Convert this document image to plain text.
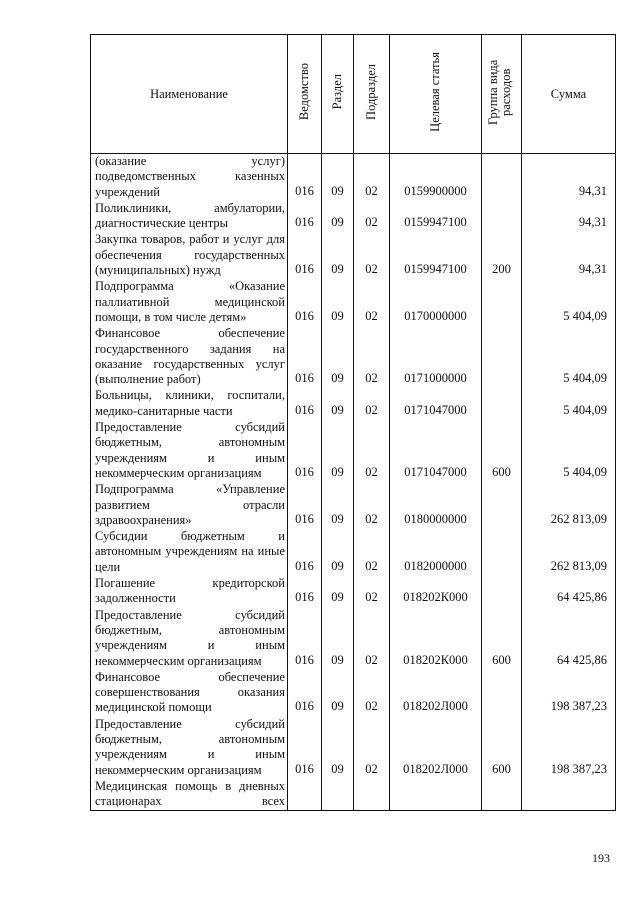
Наименование	Ведомство	Раздел	Подраздел	Целевая статья	Группа вида расходов	Сумма
(оказание услуг) подведомственных казенных учреждений	016	09	02	0159900000		94,31
Поликлиники, амбулатории, диагностические центры	016	09	02	0159947100		94,31
Закупка товаров, работ и услуг для обеспечения государственных (муниципальных) нужд	016	09	02	0159947100	200	94,31
Подпрограмма «Оказание паллиативной медицинской помощи, в том числе детям»	016	09	02	0170000000		5 404,09
Финансовое обеспечение государственного задания на оказание государственных услуг (выполнение работ)	016	09	02	0171000000		5 404,09
Больницы, клиники, госпитали, медико-санитарные части	016	09	02	0171047000		5 404,09
Предоставление субсидий бюджетным, автономным учреждениям и иным некоммерческим организациям	016	09	02	0171047000	600	5 404,09
Подпрограмма «Управление развитием отрасли здравоохранения»	016	09	02	0180000000		262 813,09
Субсидии бюджетным и автономным учреждениям на иные цели	016	09	02	0182000000		262 813,09
Погашение кредиторской задолженности	016	09	02	018202К000		64 425,86
Предоставление субсидий бюджетным, автономным учреждениям и иным некоммерческим организациям	016	09	02	018202К000	600	64 425,86
Финансовое обеспечение совершенствования оказания медицинской помощи	016	09	02	018202Л000		198 387,23
Предоставление субсидий бюджетным, автономным учреждениям и иным некоммерческим организациям	016	09	02	018202Л000	600	198 387,23
Медицинская помощь в дневных стационарах всех						
193
